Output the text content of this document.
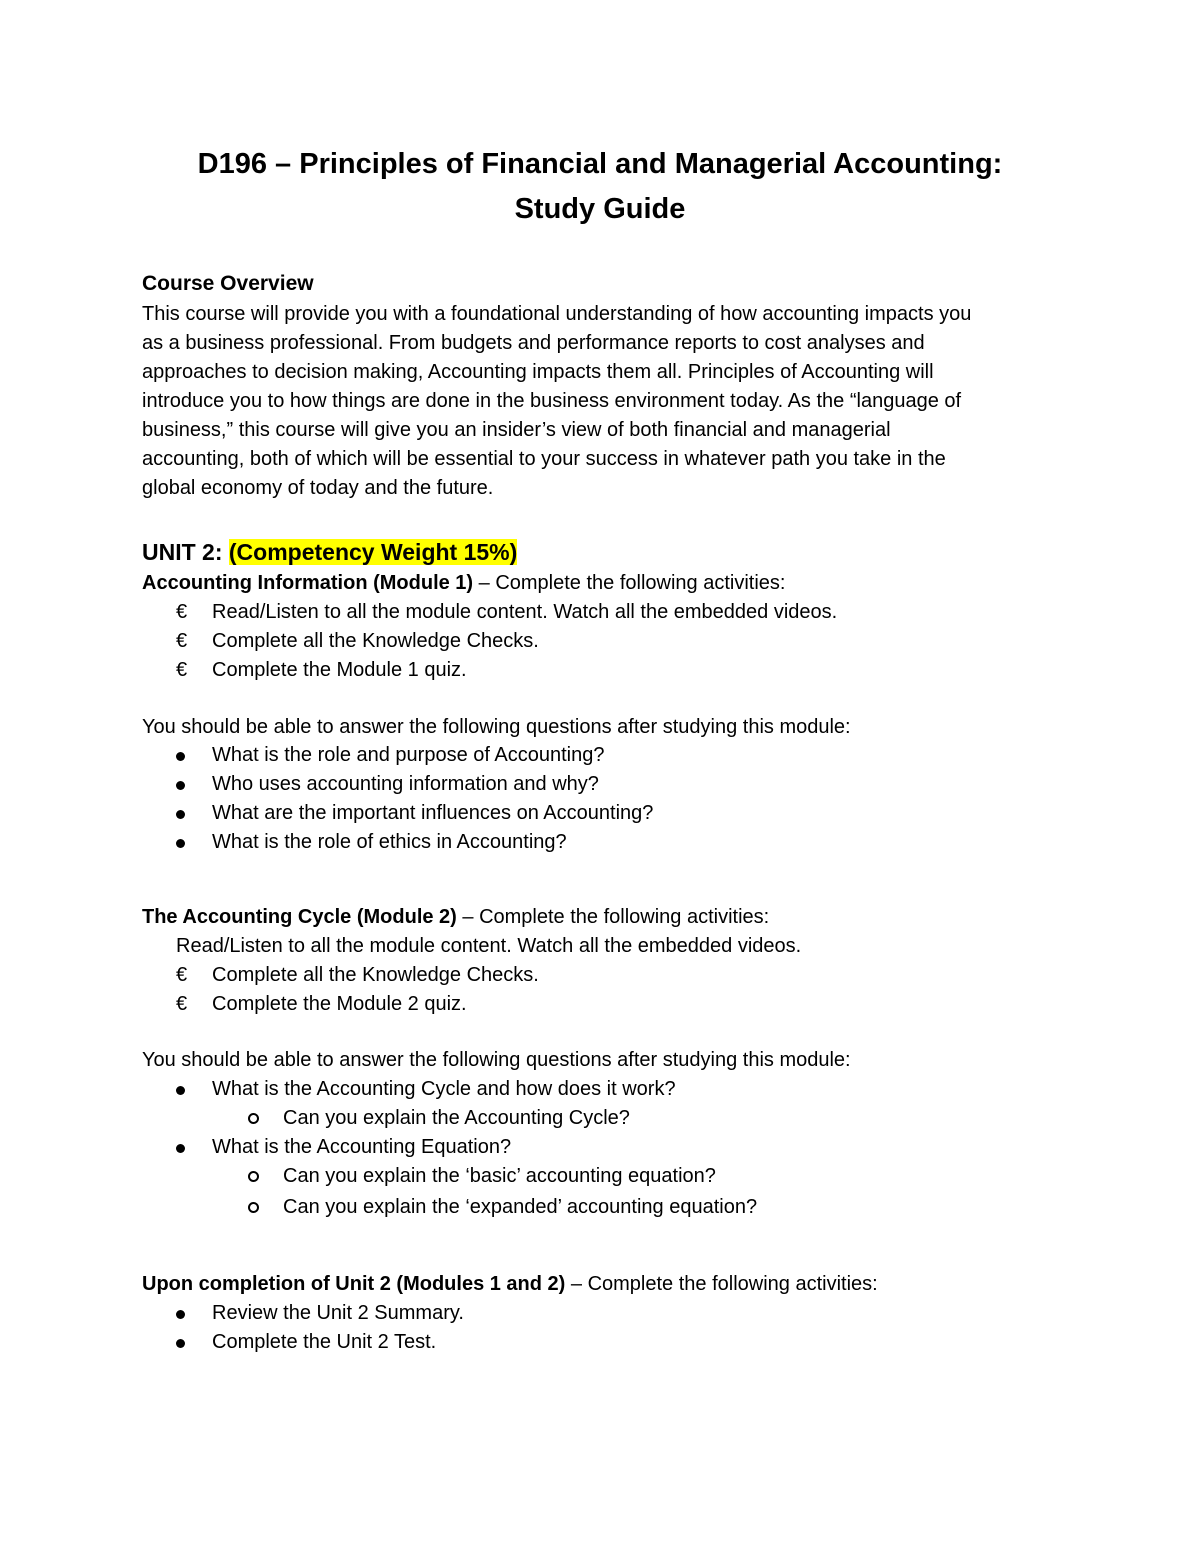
D196 – Principles of Financial and Managerial Accounting:
Study Guide
Course Overview
This course will provide you with a foundational understanding of how accounting impacts you
as a business professional. From budgets and performance reports to cost analyses and
approaches to decision making, Accounting impacts them all. Principles of Accounting will
introduce you to how things are done in the business environment today. As the “language of
business,” this course will give you an insider’s view of both financial and managerial
accounting, both of which will be essential to your success in whatever path you take in the
global economy of today and the future.
UNIT 2: (Competency Weight 15%)
Accounting Information (Module 1) – Complete the following activities:
€ Read/Listen to all the module content. Watch all the embedded videos.
€ Complete all the Knowledge Checks.
€ Complete the Module 1 quiz.
You should be able to answer the following questions after studying this module:
What is the role and purpose of Accounting?
Who uses accounting information and why?
What are the important influences on Accounting?
What is the role of ethics in Accounting?
The Accounting Cycle (Module 2) – Complete the following activities:
Read/Listen to all the module content. Watch all the embedded videos.
€ Complete all the Knowledge Checks.
€ Complete the Module 2 quiz.
You should be able to answer the following questions after studying this module:
What is the Accounting Cycle and how does it work?
Can you explain the Accounting Cycle?
What is the Accounting Equation?
Can you explain the ‘basic’ accounting equation?
Can you explain the ‘expanded’ accounting equation?
Upon completion of Unit 2 (Modules 1 and 2) – Complete the following activities:
Review the Unit 2 Summary.
Complete the Unit 2 Test.
